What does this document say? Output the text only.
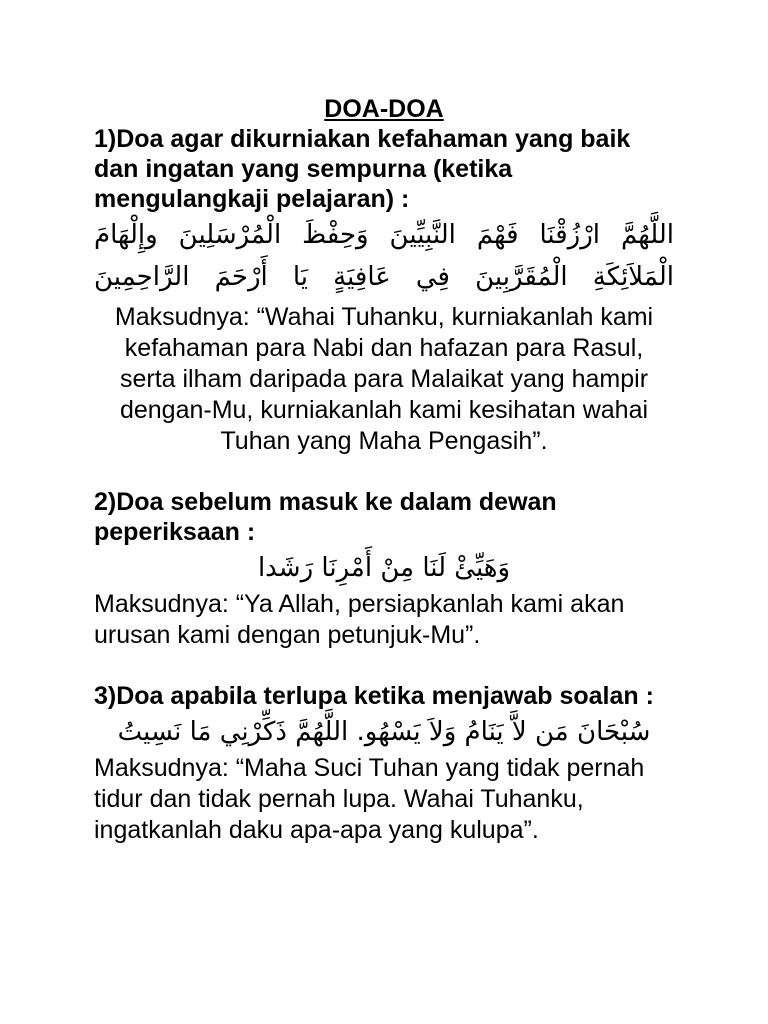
DOA-DOA

1)Doa agar dikurniakan kefahaman yang baik dan ingatan yang sempurna (ketika mengulangkaji pelajaran) :

اللَّهُمَّ ارْزُقْنَا فَهْمَ النَّبِيِّينَ وَحِفْظَ الْمُرْسَلِينَ وإِلْهَامَ

الْمَلاَئِكَةِ الْمُقَرَّبِينَ فِي عَافِيَةٍ يَا أَرْحَمَ الرَّاحِمِينَ

Maksudnya: “Wahai Tuhanku, kurniakanlah kami kefahaman para Nabi dan hafazan para Rasul, serta ilham daripada para Malaikat yang hampir dengan-Mu, kurniakanlah kami kesihatan wahai Tuhan yang Maha Pengasih”.

2)Doa sebelum masuk ke dalam dewan peperiksaan :

وَهَيِّئْ لَنَا مِنْ أَمْرِنَا رَشَدا

Maksudnya: “Ya Allah, persiapkanlah kami akan urusan kami dengan petunjuk-Mu”.

3)Doa apabila terlupa ketika menjawab soalan :

سُبْحَانَ مَن لاَّ يَنَامُ وَلاَ يَسْهُو. اللَّهُمَّ ذَكِّرْنِي مَا نَسِيتُ

Maksudnya: “Maha Suci Tuhan yang tidak pernah tidur dan tidak pernah lupa. Wahai Tuhanku, ingatkanlah daku apa-apa yang kulupa”.
